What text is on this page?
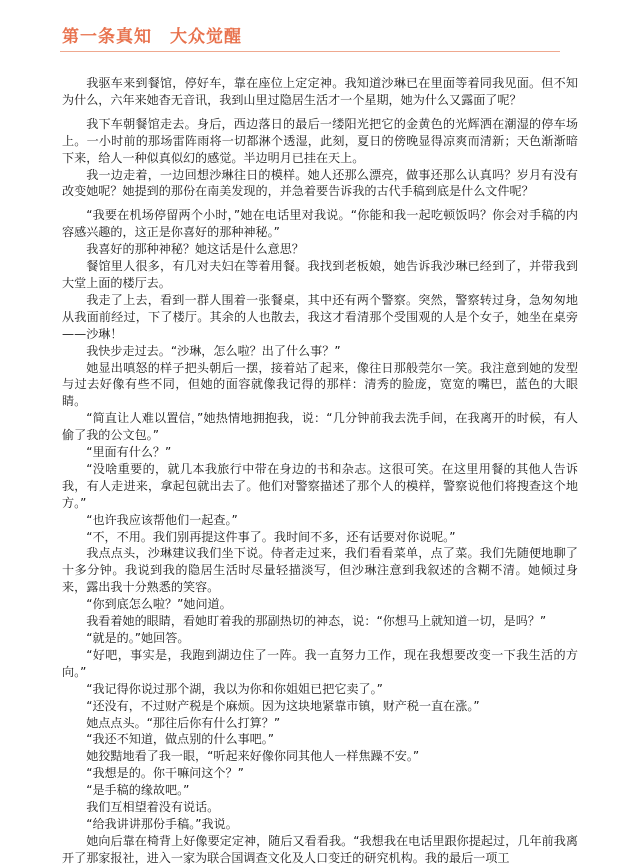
第一条真知　大众觉醒

我驱车来到餐馆，停好车，靠在座位上定定神。我知道沙琳已在里面等着同我见面。但不知为什么，六年来她杳无音讯，我到山里过隐居生活才一个星期，她为什么又露面了呢？

我下车朝餐馆走去。身后，西边落日的最后一缕阳光把它的金黄色的光辉洒在潮湿的停车场上。一小时前的那场雷阵雨将一切都淋个透湿，此刻，夏日的傍晚显得凉爽而清新；天色渐渐暗下来，给人一种似真似幻的感觉。半边明月已挂在天上。

我一边走着，一边回想沙琳往日的模样。她人还那么漂亮，做事还那么认真吗？岁月有没有改变她呢？她提到的那份在南美发现的，并急着要告诉我的古代手稿到底是什么文件呢？

“我要在机场停留两个小时，”她在电话里对我说。“你能和我一起吃顿饭吗？你会对手稿的内容感兴趣的，这正是你喜好的那种神秘。”

我喜好的那种神秘？她这话是什么意思？

餐馆里人很多，有几对夫妇在等着用餐。我找到老板娘，她告诉我沙琳已经到了，并带我到大堂上面的楼厅去。

我走了上去，看到一群人围着一张餐桌，其中还有两个警察。突然，警察转过身，急匆匆地从我面前经过，下了楼厅。其余的人也散去，我这才看清那个受围观的人是个女子，她坐在桌旁——沙琳！

我快步走过去。“沙琳，怎么啦？出了什么事？”

她显出嗔怒的样子把头朝后一摆，接着站了起来，像往日那般莞尔一笑。我注意到她的发型与过去好像有些不同，但她的面容就像我记得的那样：清秀的脸庞，宽宽的嘴巴，蓝色的大眼睛。

“简直让人难以置信，”她热情地拥抱我，说：“几分钟前我去洗手间，在我离开的时候，有人偷了我的公文包。”

“里面有什么？”

“没啥重要的，就几本我旅行中带在身边的书和杂志。这很可笑。在这里用餐的其他人告诉我，有人走进来，拿起包就出去了。他们对警察描述了那个人的模样，警察说他们将搜查这个地方。”

“也许我应该帮他们一起查。”

“不，不用。我们别再提这件事了。我时间不多，还有话要对你说呢。”

我点点头，沙琳建议我们坐下说。侍者走过来，我们看看菜单，点了菜。我们先随便地聊了十多分钟。我说到我的隐居生活时尽量轻描淡写，但沙琳注意到我叙述的含糊不清。她倾过身来，露出我十分熟悉的笑容。

“你到底怎么啦？”她问道。

我看着她的眼睛，看她盯着我的那副热切的神态，说：“你想马上就知道一切，是吗？”

“就是的。”她回答。

“好吧，事实是，我跑到湖边住了一阵。我一直努力工作，现在我想要改变一下我生活的方向。”

“我记得你说过那个湖，我以为你和你姐姐已把它卖了。”

“还没有，不过财产税是个麻烦。因为这块地紧靠市镇，财产税一直在涨。”

她点点头。“那往后你有什么打算？”

“我还不知道，做点别的什么事吧。”

她狡黠地看了我一眼，“听起来好像你同其他人一样焦躁不安。”

“我想是的。你干嘛问这个？”

“是手稿的缘故吧。”

我们互相望着没有说话。

“给我讲讲那份手稿。”我说。

她向后靠在椅背上好像要定定神，随后又看看我。“我想我在电话里跟你提起过，几年前我离开了那家报社，进入一家为联合国调查文化及人口变迁的研究机构。我的最后一项工
